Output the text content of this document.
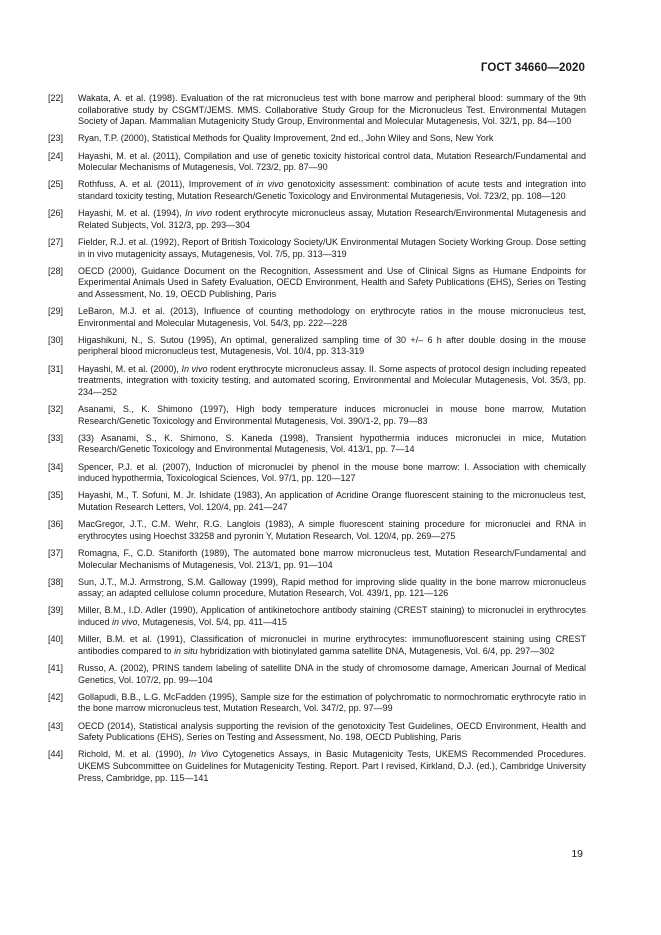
ГОСТ 34660—2020
[22]	Wakata, A. et al. (1998). Evaluation of the rat micronucleus test with bone marrow and peripheral blood: summary of the 9th collaborative study by CSGMT/JEMS. MMS. Collaborative Study Group for the Micronucleus Test. Environmental Mutagen Society of Japan. Mammalian Mutagenicity Study Group, Environmental and Molecular Mutagenesis, Vol. 32/1, pp. 84—100
[23]	Ryan, T.P. (2000), Statistical Methods for Quality Improvement, 2nd ed., John Wiley and Sons, New York
[24]	Hayashi, M. et al. (2011), Compilation and use of genetic toxicity historical control data, Mutation Research/Fundamental and Molecular Mechanisms of Mutagenesis, Vol. 723/2, pp. 87—90
[25]	Rothfuss, A. et al. (2011), Improvement of in vivo genotoxicity assessment: combination of acute tests and integration into standard toxicity testing, Mutation Research/Genetic Toxicology and Environmental Mutagenesis, Vol. 723/2, pp. 108—120
[26]	Hayashi, M. et al. (1994), In vivo rodent erythrocyte micronucleus assay, Mutation Research/Environmental Mutagenesis and Related Subjects, Vol. 312/3, pp. 293—304
[27]	Fielder, R.J. et al. (1992), Report of British Toxicology Society/UK Environmental Mutagen Society Working Group. Dose setting in in vivo mutagenicity assays, Mutagenesis, Vol. 7/5, pp. 313—319
[28]	OECD (2000), Guidance Document on the Recognition, Assessment and Use of Clinical Signs as Humane Endpoints for Experimental Animals Used in Safety Evaluation, OECD Environment, Health and Safety Publications (EHS), Series on Testing and Assessment, No. 19, OECD Publishing, Paris
[29]	LeBaron, M.J. et al. (2013), Influence of counting methodology on erythrocyte ratios in the mouse micronucleus test, Environmental and Molecular Mutagenesis, Vol. 54/3, pp. 222—228
[30]	Higashikuni, N., S. Sutou (1995), An optimal, generalized sampling time of 30 +/– 6 h after double dosing in the mouse peripheral blood micronucleus test, Mutagenesis, Vol. 10/4, pp. 313-319
[31]	Hayashi, M. et al. (2000), In vivo rodent erythrocyte micronucleus assay. II. Some aspects of protocol design including repeated treatments, integration with toxicity testing, and automated scoring, Environmental and Molecular Mutagenesis, Vol. 35/3, pp. 234—252
[32]	Asanami, S., K. Shimono (1997), High body temperature induces micronuclei in mouse bone marrow, Mutation Research/Genetic Toxicology and Environmental Mutagenesis, Vol. 390/1-2, pp. 79—83
[33]	(33) Asanami, S., K. Shimono, S. Kaneda (1998), Transient hypothermia induces micronuclei in mice, Mutation Research/Genetic Toxicology and Environmental Mutagenesis, Vol. 413/1, pp. 7—14
[34]	Spencer, P.J. et al. (2007), Induction of micronuclei by phenol in the mouse bone marrow: I. Association with chemically induced hypothermia, Toxicological Sciences, Vol. 97/1, pp. 120—127
[35]	Hayashi, M., T. Sofuni, M. Jr. Ishidate (1983), An application of Acridine Orange fluorescent staining to the micronucleus test, Mutation Research Letters, Vol. 120/4, pp. 241—247
[36]	MacGregor, J.T., C.M. Wehr, R.G. Langlois (1983), A simple fluorescent staining procedure for micronuclei and RNA in erythrocytes using Hoechst 33258 and pyronin Y, Mutation Research, Vol. 120/4, pp. 269—275
[37]	Romagna, F., C.D. Staniforth (1989), The automated bone marrow micronucleus test, Mutation Research/Fundamental and Molecular Mechanisms of Mutagenesis, Vol. 213/1, pp. 91—104
[38]	Sun, J.T., M.J. Armstrong, S.M. Galloway (1999), Rapid method for improving slide quality in the bone marrow micronucleus assay; an adapted cellulose column procedure, Mutation Research, Vol. 439/1, pp. 121—126
[39]	Miller, B.M., I.D. Adler (1990), Application of antikinetochore antibody staining (CREST staining) to micronuclei in erythrocytes induced in vivo, Mutagenesis, Vol. 5/4, pp. 411—415
[40]	Miller, B.M. et al. (1991), Classification of micronuclei in murine erythrocytes: immunofluorescent staining using CREST antibodies compared to in situ hybridization with biotinylated gamma satellite DNA, Mutagenesis, Vol. 6/4, pp. 297—302
[41]	Russo, A. (2002), PRINS tandem labeling of satellite DNA in the study of chromosome damage, American Journal of Medical Genetics, Vol. 107/2, pp. 99—104
[42]	Gollapudi, B.B., L.G. McFadden (1995), Sample size for the estimation of polychromatic to normochromatic erythrocyte ratio in the bone marrow micronucleus test, Mutation Research, Vol. 347/2, pp. 97—99
[43]	OECD (2014), Statistical analysis supporting the revision of the genotoxicity Test Guidelines, OECD Environment, Health and Safety Publications (EHS), Series on Testing and Assessment, No. 198, OECD Publishing, Paris
[44]	Richold, M. et al. (1990), In Vivo Cytogenetics Assays, in Basic Mutagenicity Tests, UKEMS Recommended Procedures. UKEMS Subcommittee on Guidelines for Mutagenicity Testing. Report. Part I revised, Kirkland, D.J. (ed.), Cambridge University Press, Cambridge, pp. 115—141
19
